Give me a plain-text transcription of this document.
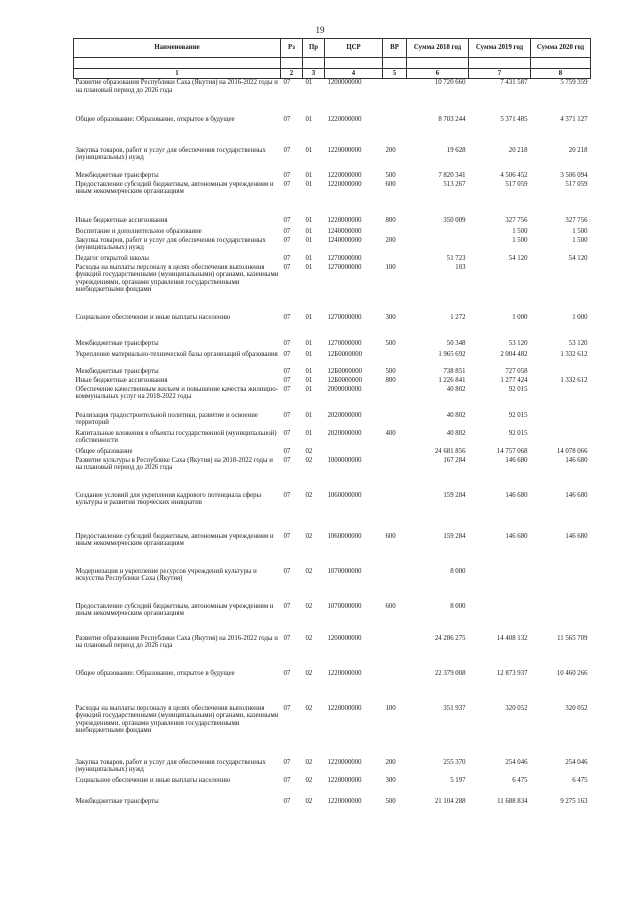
19
Наименование	Рз	Пр	ЦСР	ВР	Сумма 2018 год	Сумма 2019 год	Сумма 2020 год

1	2	3	4	5	6	7	8
Развитие образования Республики Саха (Якутия) на 2016-2022 годы и на плановый период до 2026 года	07	01	1200000000		10 720 660	7 431 587	5 759 359
Общее образование: Образование, открытое в будущее	07	01	1220000000		8 703 244	5 371 485	4 371 127
Закупка товаров, работ и услуг для обеспечения государственных (муниципальных) нужд	07	01	1220000000	200	19 628	20 218	20 218
Межбюджетные трансферты	07	01	1220000000	500	7 820 341	4 506 452	3 506 094
Предоставление субсидий бюджетным, автономным учреждениям и иным некоммерческим организациям	07	01	1220000000	600	513 267	517 059	517 059
Иные бюджетные ассигнования	07	01	1220000000	800	350 009	327 756	327 756
Воспитание и дополнительное образование	07	01	1240000000			1 500	1 500
Закупка товаров, работ и услуг для обеспечения государственных (муниципальных) нужд	07	01	1240000000	200		1 500	1 500
Педагог открытой школы	07	01	1270000000		51 723	54 120	54 120
Расходы на выплаты персоналу в целях обеспечения выполнения функций государственными (муниципальными) органами, казенными учреждениями, органами управления государственными внебюджетными фондами	07	01	1270000000	100	103		
Социальное обеспечение и иные выплаты населению	07	01	1270000000	300	1 272	1 000	1 000
Межбюджетные трансферты	07	01	1270000000	500	50 348	53 120	53 120
Укрепление материально-технической базы организаций образования	07	01	12Б0000000		1 965 692	2 004 482	1 332 612
Межбюджетные трансферты	07	01	12Б0000000	500	738 851	727 058	
Иные бюджетные ассигнования	07	01	12Б0000000	800	1 226 841	1 277 424	1 332 612
Обеспечение качественным жильем и повышение качества жилищно-коммунальных услуг на 2018-2022 годы	07	01	2000000000		40 802	92 015	
Реализация градостроительной политики, развитие и освоение территорий	07	01	2020000000		40 802	92 015	
Капитальные вложения в объекты государственной (муниципальной) собственности	07	01	2020000000	400	40 802	92 015	
Общее образование	07	02			24 681 856	14 757 068	14 078 066
Развитие культуры в Республике Саха (Якутия) на 2018-2022 годы и на плановый период до 2026 года	07	02	1000000000		167 284	146 680	146 680
Создание условий для укрепления кадрового потенциала сферы культуры и развития творческих инициатив	07	02	1060000000		159 284	146 680	146 680
Предоставление субсидий бюджетным, автономным учреждениям и иным некоммерческим организациям	07	02	1060000000	600	159 284	146 680	146 680
Модернизация и укрепление ресурсов учреждений культуры и искусства Республики Саха (Якутия)	07	02	1070000000		8 000		
Предоставление субсидий бюджетным, автономным учреждениям и иным некоммерческим организациям	07	02	1070000000	600	8 000		
Развитие образования Республики Саха (Якутия) на 2016-2022 годы и на плановый период до 2026 года	07	02	1200000000		24 286 275	14 408 132	11 565 709
Общее образование: Образование, открытое в будущее	07	02	1220000000		22 379 008	12 873 937	10 460 266
Расходы на выплаты персоналу в целях обеспечения выполнения функций государственными (муниципальными) органами, казенными учреждениями, органами управления государственными внебюджетными фондами	07	02	1220000000	100	351 937	320 052	320 052
Закупка товаров, работ и услуг для обеспечения государственных (муниципальных) нужд	07	02	1220000000	200	255 370	254 046	254 046
Социальное обеспечение и иные выплаты населению	07	02	1220000000	300	5 197	6 475	6 475
Межбюджетные трансферты	07	02	1220000000	500	21 104 288	11 688 834	9 275 163
